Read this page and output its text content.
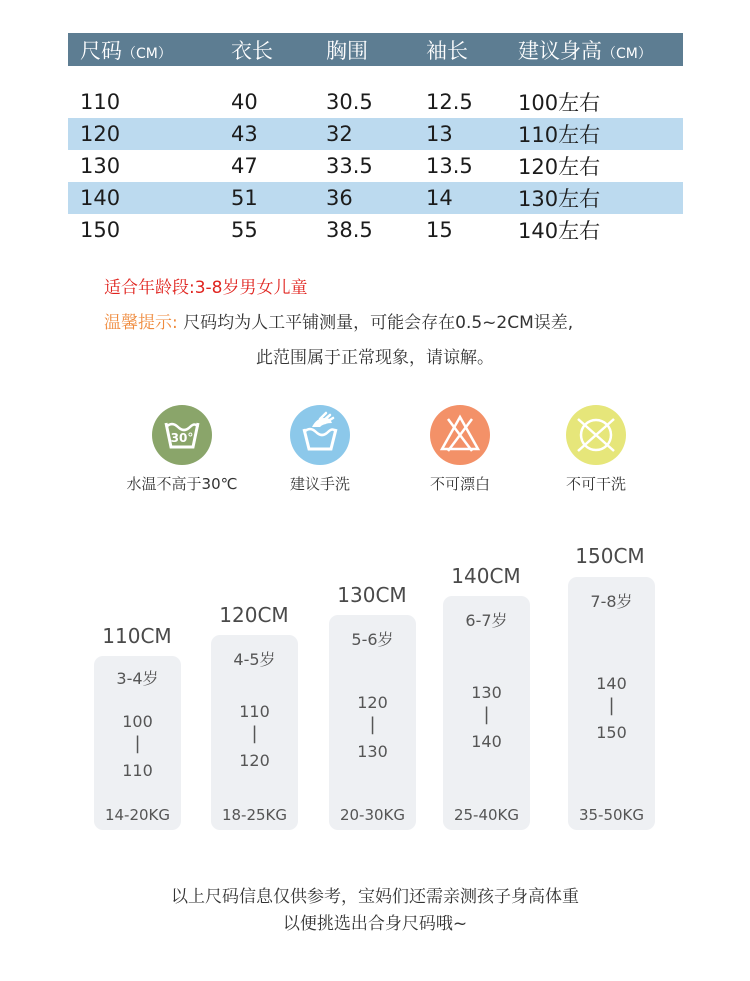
尺码（CM）	衣长	胸围	袖长 建议身高（CM）
110	40	30.5	12.5 100左右
120	43	32	13	110左右
130	47	33.5	13.5 120左右
140	51	36	14	130左右
150	55	38.5	15	140左右
适合年龄段:3-8岁男女儿童
温馨提示: 尺码均为人工平铺测量，可能会存在0.5~2CM误差,
此范围属于正常现象，请谅解。
30°
水温不高于30℃	建议手洗	不可漂白	不可干洗
110CM
3-4岁
100
|
110
14-20KG
120CM
4-5岁
110
|
120
18-25KG
130CM
5-6岁
120
|
130
20-30KG
140CM
6-7岁
130
|
140
25-40KG
150CM
7-8岁
140
|
150
35-50KG
以上尺码信息仅供参考，宝妈们还需亲测孩子身高体重
以便挑选出合身尺码哦~
